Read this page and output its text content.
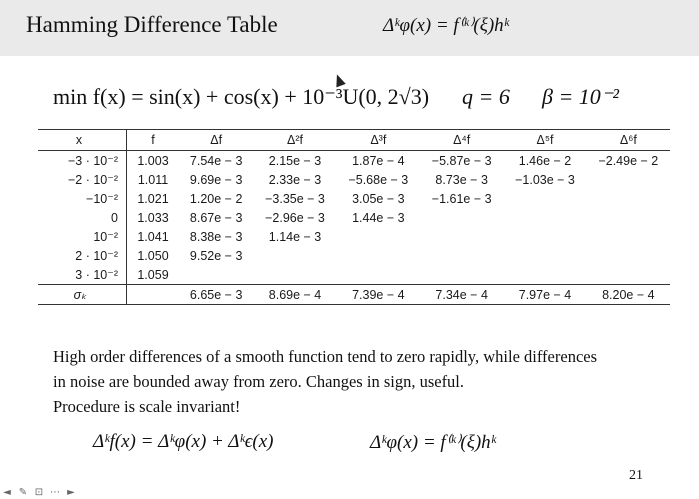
Hamming Difference Table	Δᵏφ(x) = f⁽ᵏ⁾(ξ)hᵏ
min f(x) = sin(x) + cos(x) + 10⁻³U(0, 2√3) q = 6 β = 10⁻²
x	f	Δf	Δ²f	Δ³f	Δ⁴f	Δ⁵f	Δ⁶f
−3 · 10⁻²	1.003	7.54e − 3	2.15e − 3	1.87e − 4	−5.87e − 3	1.46e − 2	−2.49e − 2
−2 · 10⁻²	1.011	9.69e − 3	2.33e − 3	−5.68e − 3	8.73e − 3	−1.03e − 3	
−10⁻²	1.021	1.20e − 2	−3.35e − 3	3.05e − 3	−1.61e − 3		
0	1.033	8.67e − 3	−2.96e − 3	1.44e − 3			
10⁻²	1.041	8.38e − 3	1.14e − 3				
2 · 10⁻²	1.050	9.52e − 3					
3 · 10⁻²	1.059						
σₖ		6.65e − 3	8.69e − 4	7.39e − 4	7.34e − 4	7.97e − 4	8.20e − 4
High order differences of a smooth function tend to zero rapidly, while differences
in noise are bounded away from zero. Changes in sign, useful.
Procedure is scale invariant!
Δᵏf(x) = Δᵏφ(x) + Δᵏϵ(x)	Δᵏφ(x) = f⁽ᵏ⁾(ξ)hᵏ
21
◄ ✎ ⊡ ⋯ ►
